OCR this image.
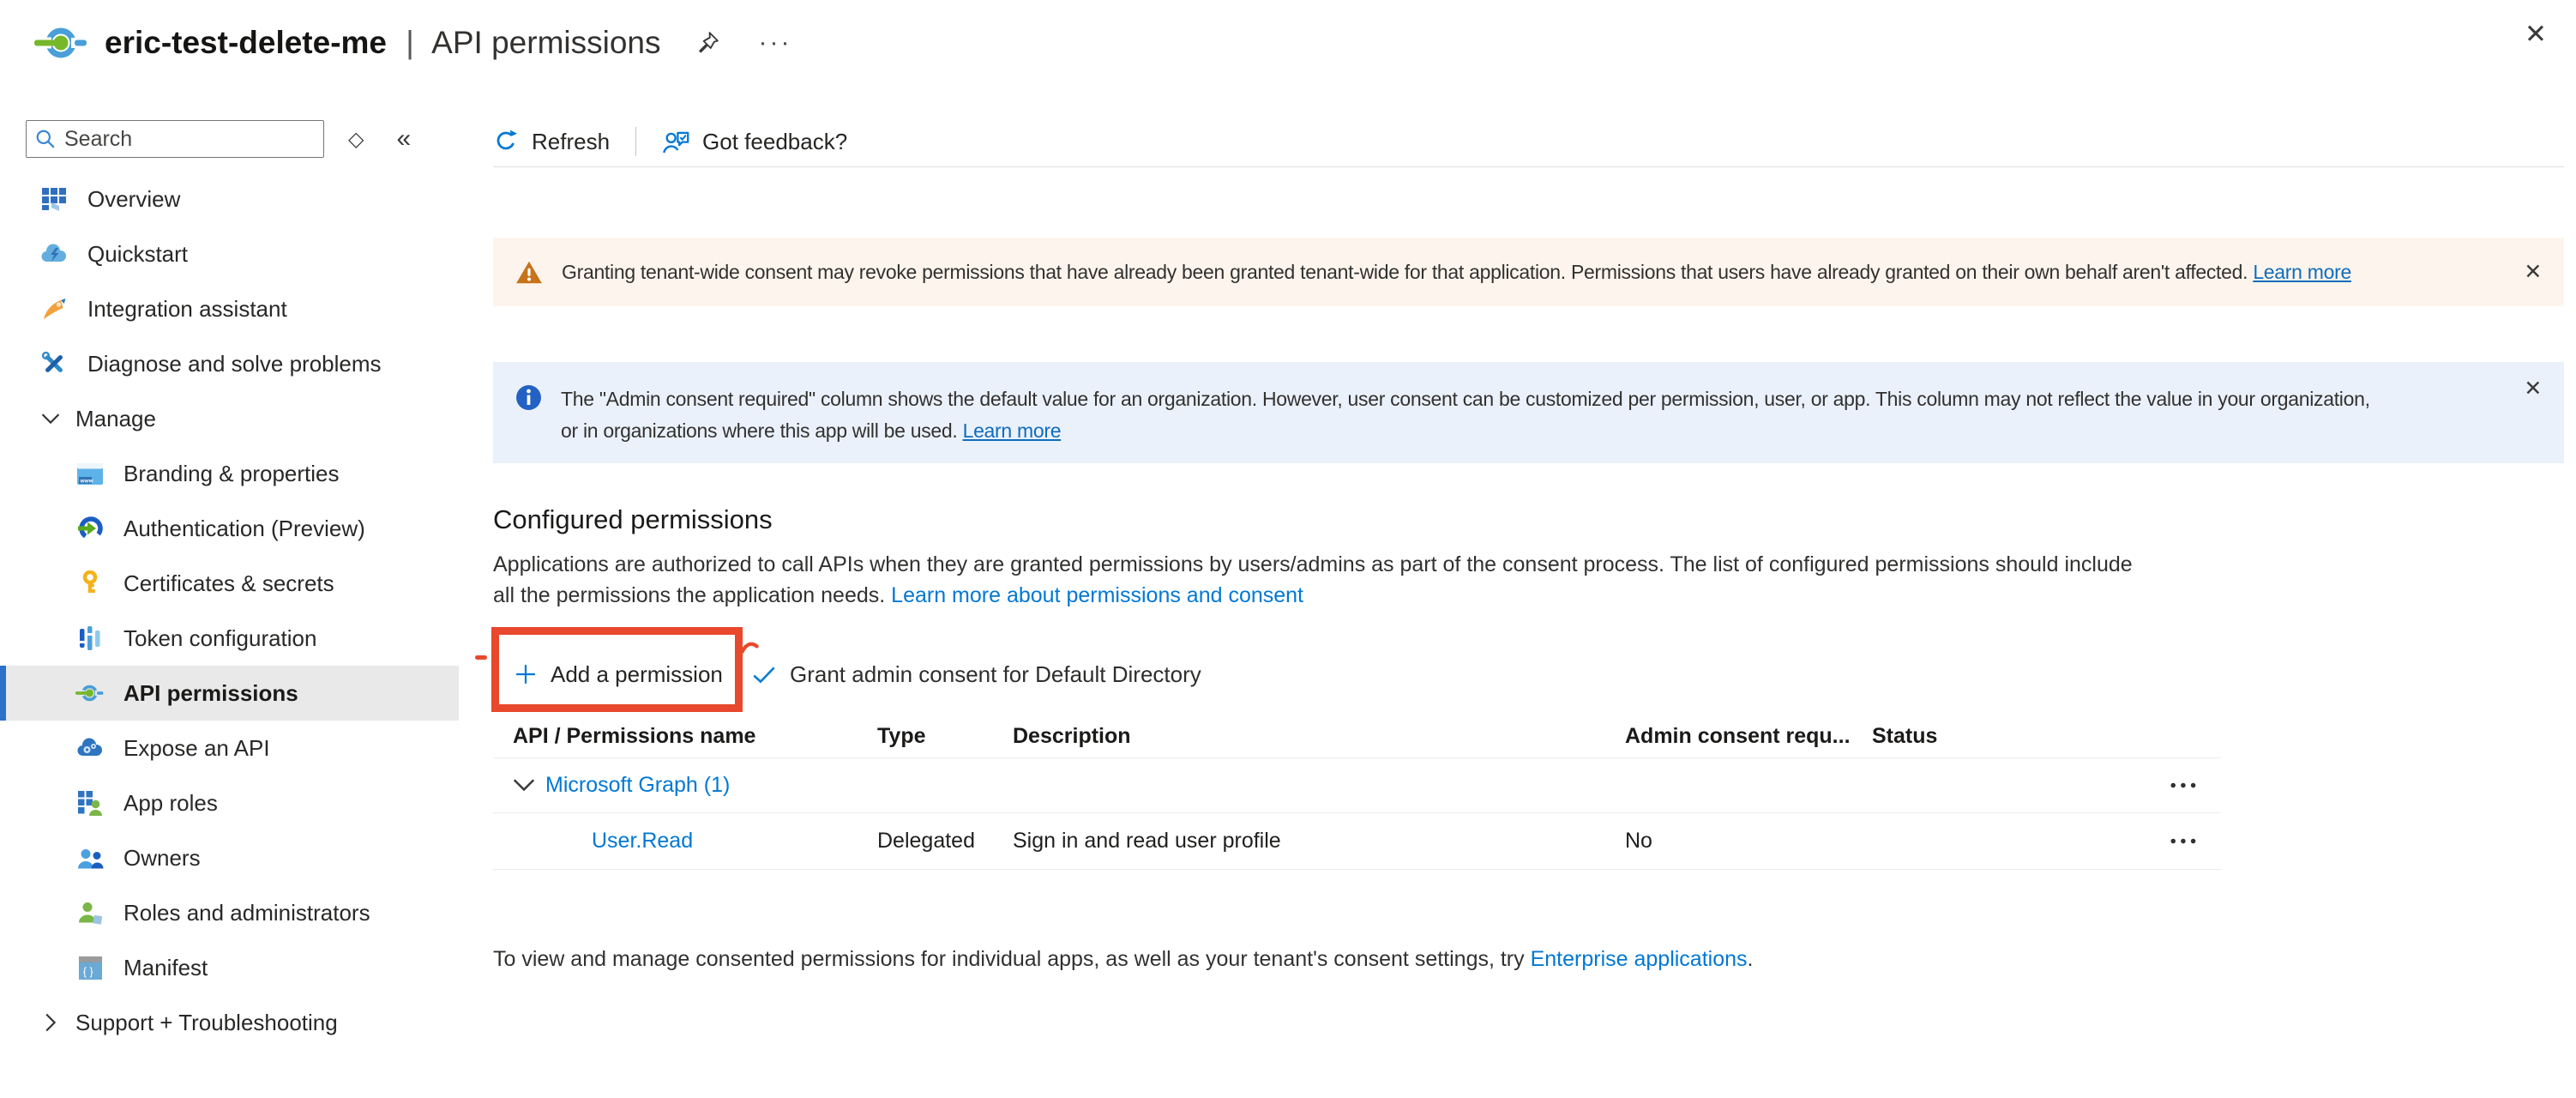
eric-test-delete-me | API permissions	···	✕
Search
◇ «
Overview
Quickstart
Integration assistant
Diagnose and solve problems
Manage
www Branding & properties
Authentication (Preview)
Certificates & secrets
Token configuration
API permissions
Expose an API
App roles
Owners
Roles and administrators
{ } Manifest
Support + Troubleshooting
Refresh	Got feedback?
Granting tenant-wide consent may revoke permissions that have already been granted tenant-wide for that application. Permissions that users have already granted on their own behalf aren't affected. Learn more	✕
The "Admin consent required" column shows the default value for an organization. However, user consent can be customized per permission, user, or app. This column may not reflect the value in your organization,
or in organizations where this app will be used. Learn more
✕
Configured permissions
Applications are authorized to call APIs when they are granted permissions by users/admins as part of the consent process. The list of configured permissions should include
all the permissions the application needs. Learn more about permissions and consent
Add a permission	Grant admin consent for Default Directory
API / Permissions name	Type	Description	Admin consent requ...	Status
Microsoft Graph (1)
User.Read	Delegated	Sign in and read user profile	No
To view and manage consented permissions for individual apps, as well as your tenant's consent settings, try Enterprise applications.
